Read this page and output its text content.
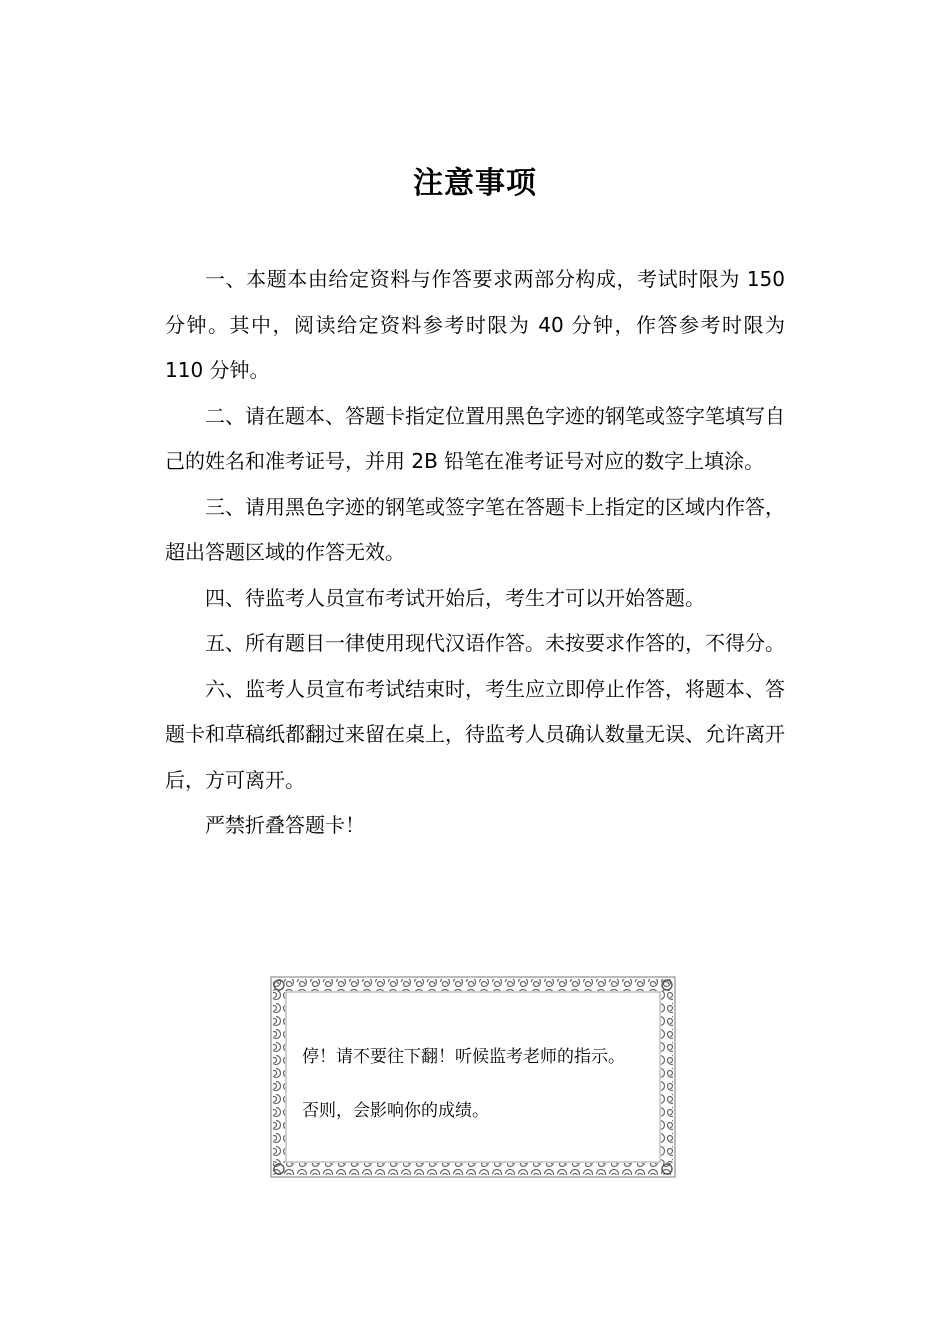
注意事项

一、本题本由给定资料与作答要求两部分构成，考试时限为 150 分钟。其中，阅读给定资料参考时限为 40 分钟，作答参考时限为 110 分钟。

二、请在题本、答题卡指定位置用黑色字迹的钢笔或签字笔填写自己的姓名和准考证号，并用 2B 铅笔在准考证号对应的数字上填涂。

三、请用黑色字迹的钢笔或签字笔在答题卡上指定的区域内作答，超出答题区域的作答无效。

四、待监考人员宣布考试开始后，考生才可以开始答题。

五、所有题目一律使用现代汉语作答。未按要求作答的，不得分。

六、监考人员宣布考试结束时，考生应立即停止作答，将题本、答题卡和草稿纸都翻过来留在桌上，待监考人员确认数量无误、允许离开后，方可离开。

严禁折叠答题卡！

停！请不要往下翻！听候监考老师的指示。
否则，会影响你的成绩。
